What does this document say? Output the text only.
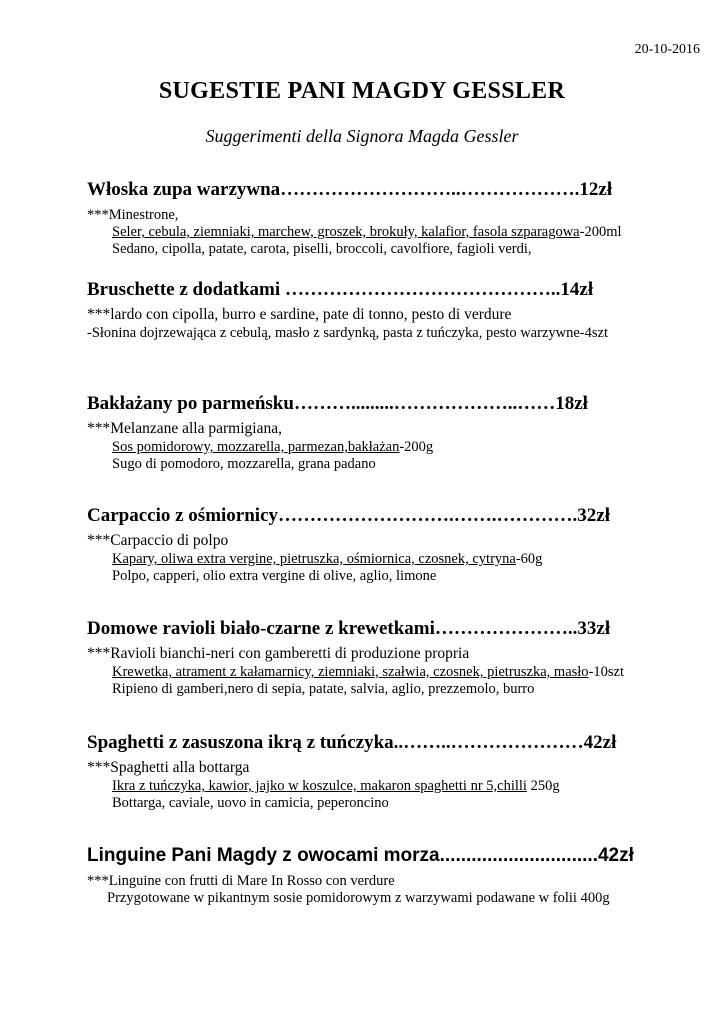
20-10-2016
SUGESTIE PANI MAGDY GESSLER
Suggerimenti della Signora Magda Gessler
Włoska zupa warzywna………………………..……………….12zł
***Minestrone,
Seler, cebula, ziemniaki, marchew, groszek, brokuły, kalafior, fasola szparagowa-200ml
Sedano, cipolla, patate, carota, piselli, broccoli, cavolfiore, fagioli verdi,
Bruschette z dodatkami ……………………………………..14zł
***lardo con cipolla, burro e sardine, pate di tonno, pesto di verdure
-Słonina dojrzewająca z cebulą, masło z sardynką, pasta z tuńczyka, pesto warzywne-4szt
Bakłażany po parmeńsku……….........………………..……18zł
***Melanzane alla parmigiana,
Sos pomidorowy, mozzarella, parmezan,bakłażan-200g
Sugo di pomodoro, mozzarella, grana padano
Carpaccio z ośmiornicy……………………….…….………….32zł
***Carpaccio di polpo
Kapary, oliwa extra vergine, pietruszka, ośmiornica, czosnek, cytryna-60g
Polpo, capperi, olio extra vergine di olive, aglio, limone
Domowe ravioli biało-czarne z krewetkami…………………..33zł
***Ravioli bianchi-neri con gamberetti di produzione propria
Krewetka, atrament z kałamarnicy, ziemniaki, szałwia, czosnek, pietruszka, masło-10szt
Ripieno di gamberi,nero di sepia, patate, salvia, aglio, prezzemolo, burro
Spaghetti z zasuszona ikrą z tuńczyka..……..…………………42zł
***Spaghetti alla bottarga
Ikra z tuńczyka, kawior, jajko w koszulce, makaron spaghetti nr 5,chilli 250g
Bottarga, caviale, uovo in camicia, peperoncino
Linguine Pani Magdy z owocami morza..............................42zł
***Linguine con frutti di Mare In Rosso con verdure
Przygotowane w pikantnym sosie pomidorowym z warzywami podawane w folii 400g
